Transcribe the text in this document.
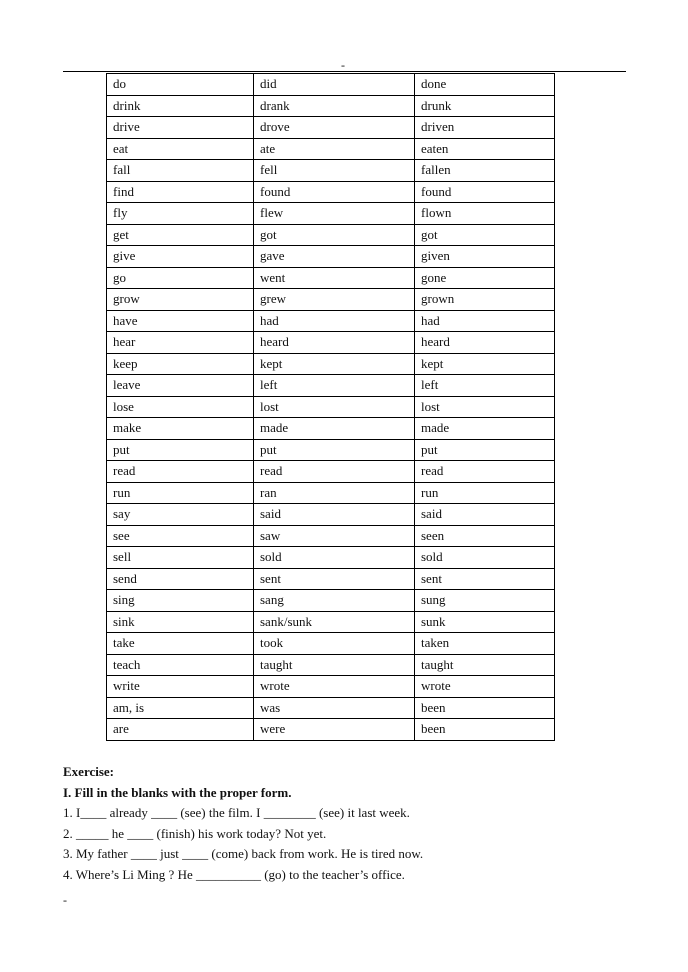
-
do	did	done
drink	drank	drunk
drive	drove	driven
eat	ate	eaten
fall	fell	fallen
find	found	found
fly	flew	flown
get	got	got
give	gave	given
go	went	gone
grow	grew	grown
have	had	had
hear	heard	heard
keep	kept	kept
leave	left	left
lose	lost	lost
make	made	made
put	put	put
read	read	read
run	ran	run
say	said	said
see	saw	seen
sell	sold	sold
send	sent	sent
sing	sang	sung
sink	sank/sunk	sunk
take	took	taken
teach	taught	taught
write	wrote	wrote
am, is	was	been
are	were	been
Exercise:
I. Fill in the blanks with the proper form.
1. I____ already ____ (see) the film. I ________ (see) it last week.
2. _____ he ____ (finish) his work today? Not yet.
3. My father ____ just ____ (come) back from work. He is tired now.
4. Where’s Li Ming ? He __________ (go) to the teacher’s office.
-
